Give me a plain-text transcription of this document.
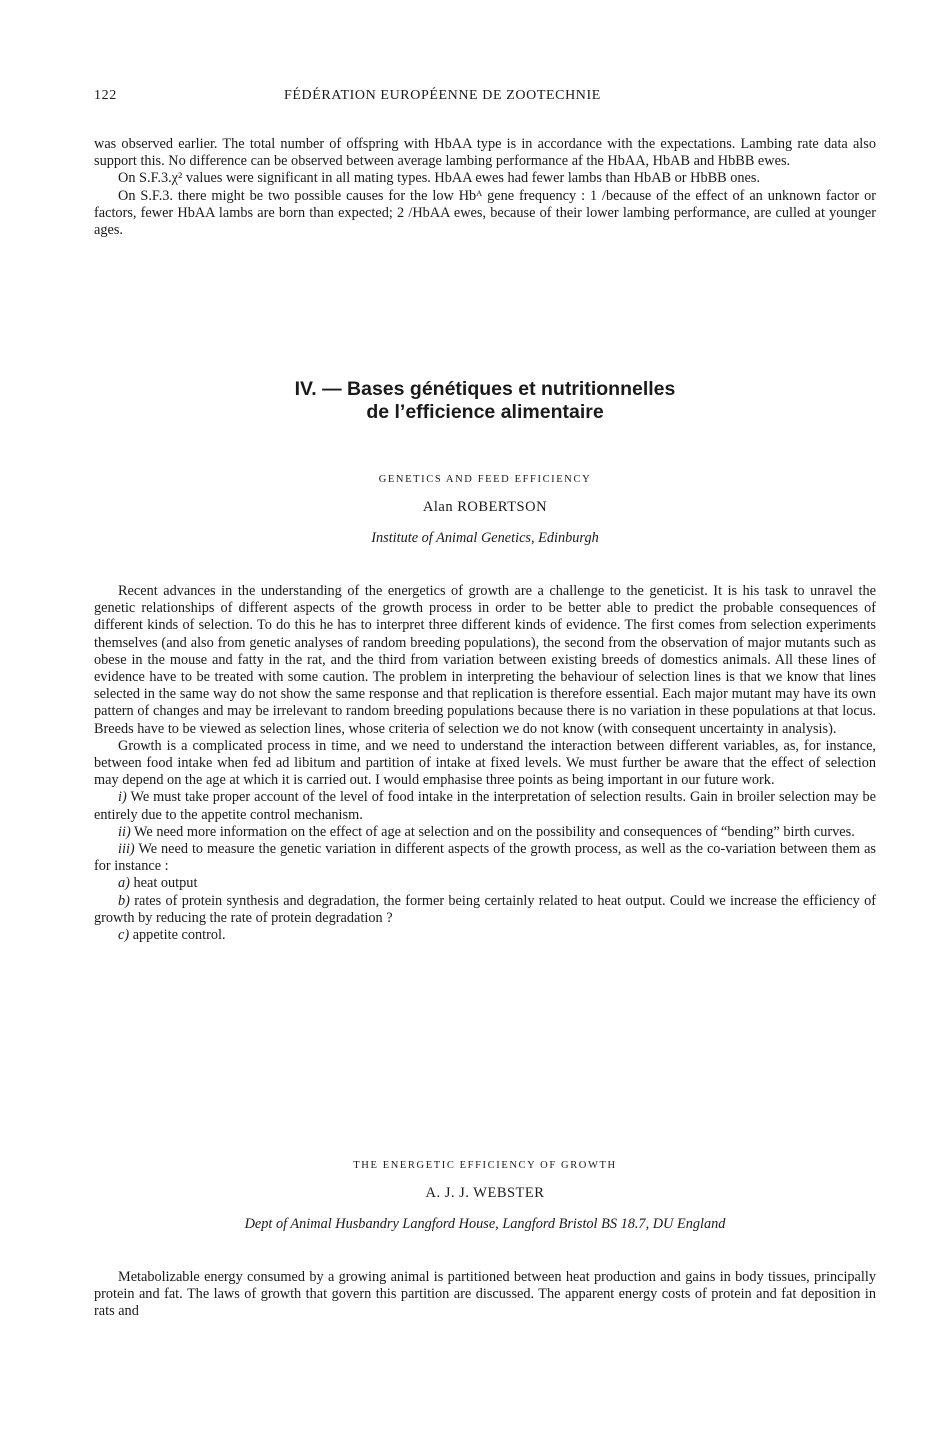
122	FÉDÉRATION EUROPÉENNE DE ZOOTECHNIE

was observed earlier. The total number of offspring with HbAA type is in accordance with the expectations. Lambing rate data also support this. No difference can be observed between average lambing performance af the HbAA, HbAB and HbBB ewes.

On S.F.3.χ² values were significant in all mating types. HbAA ewes had fewer lambs than HbAB or HbBB ones.

On S.F.3. there might be two possible causes for the low Hbᴬ gene frequency : 1 /because of the effect of an unknown factor or factors, fewer HbAA lambs are born than expected; 2 /HbAA ewes, because of their lower lambing performance, are culled at younger ages.

IV. — Bases génétiques et nutritionnelles
de l’efficience alimentaire
GENETICS AND FEED EFFICIENCY
Alan ROBERTSON
Institute of Animal Genetics, Edinburgh

Recent advances in the understanding of the energetics of growth are a challenge to the geneticist. It is his task to unravel the genetic relationships of different aspects of the growth process in order to be better able to predict the probable consequences of different kinds of selection. To do this he has to interpret three different kinds of evidence. The first comes from selection experiments themselves (and also from genetic analyses of random breeding populations), the second from the observation of major mutants such as obese in the mouse and fatty in the rat, and the third from variation between existing breeds of domestics animals. All these lines of evidence have to be treated with some caution. The problem in interpreting the behaviour of selection lines is that we know that lines selected in the same way do not show the same response and that replication is therefore essential. Each major mutant may have its own pattern of changes and may be irrelevant to random breeding populations because there is no variation in these populations at that locus. Breeds have to be viewed as selection lines, whose criteria of selection we do not know (with consequent uncertainty in analysis).

Growth is a complicated process in time, and we need to understand the interaction between different variables, as, for instance, between food intake when fed ad libitum and partition of intake at fixed levels. We must further be aware that the effect of selection may depend on the age at which it is carried out. I would emphasise three points as being important in our future work.

i) We must take proper account of the level of food intake in the interpretation of selection results. Gain in broiler selection may be entirely due to the appetite control mechanism.

ii) We need more information on the effect of age at selection and on the possibility and consequences of “bending” birth curves.

iii) We need to measure the genetic variation in different aspects of the growth process, as well as the co-variation between them as for instance :

a) heat output

b) rates of protein synthesis and degradation, the former being certainly related to heat output. Could we increase the efficiency of growth by reducing the rate of protein degradation ?

c) appetite control.

THE ENERGETIC EFFICIENCY OF GROWTH
A. J. J. WEBSTER
Dept of Animal Husbandry Langford House, Langford Bristol BS 18.7, DU England

Metabolizable energy consumed by a growing animal is partitioned between heat production and gains in body tissues, principally protein and fat. The laws of growth that govern this partition are discussed. The apparent energy costs of protein and fat deposition in rats and
